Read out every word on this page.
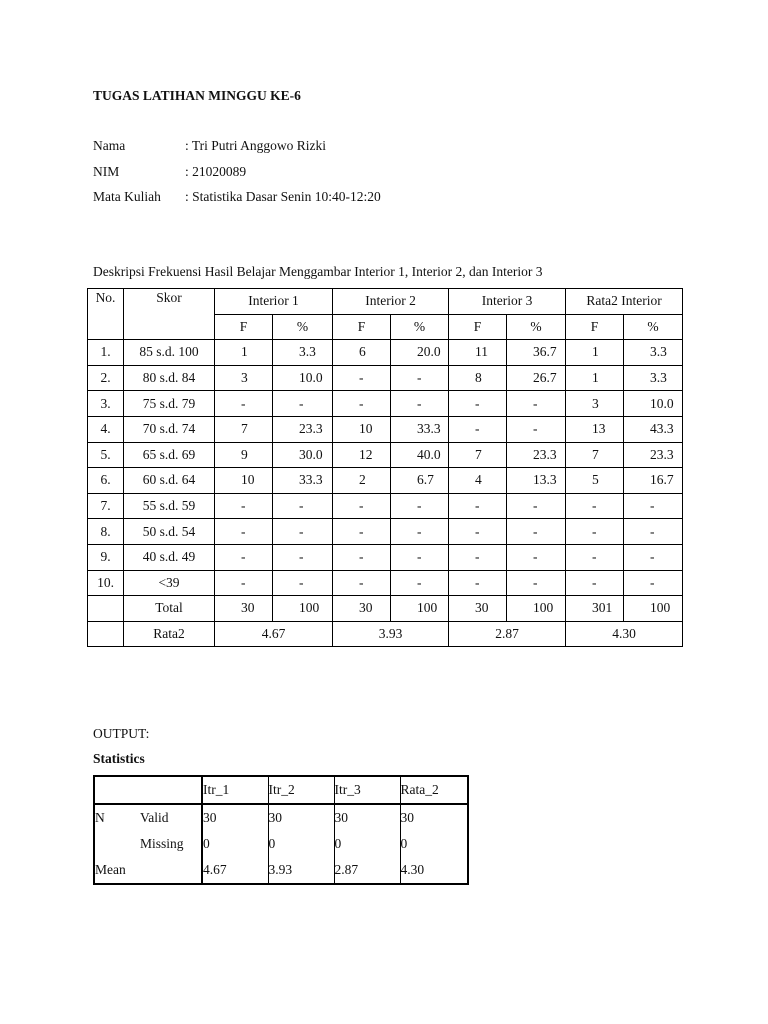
TUGAS LATIHAN MINGGU KE-6
Nama	: Tri Putri Anggowo Rizki
NIM	: 21020089
Mata Kuliah	: Statistika Dasar Senin 10:40-12:20
Deskripsi Frekuensi Hasil Belajar Menggambar Interior 1, Interior 2, dan Interior 3
No.	Skor	Interior 1		Interior 2		Interior 3		Rata2 Interior	
		F	%	F	%	F	%	F	%
1.	85 s.d. 100	1	3.3	6	20.0	11	36.7	1	3.3
2.	80 s.d. 84	3	10.0	-	-	8	26.7	1	3.3
3.	75 s.d. 79	-	-	-	-	-	-	3	10.0
4.	70 s.d. 74	7	23.3	10	33.3	-	-	13	43.3
5.	65 s.d. 69	9	30.0	12	40.0	7	23.3	7	23.3
6.	60 s.d. 64	10	33.3	2	6.7	4	13.3	5	16.7
7.	55 s.d. 59	-	-	-	-	-	-	-	-
8.	50 s.d. 54	-	-	-	-	-	-	-	-
9.	40 s.d. 49	-	-	-	-	-	-	-	-
10.	<39	-	-	-	-	-	-	-	-
	Total	30	100	30	100	30	100	301	100
	Rata2	4.67		3.93		2.87		4.30	
OUTPUT:
Statistics
		Itr_1	Itr_2	Itr_3	Rata_2
N	Valid	30	30	30	30
	Missing	0	0	0	0
Mean		4.67	3.93	2.87	4.30
